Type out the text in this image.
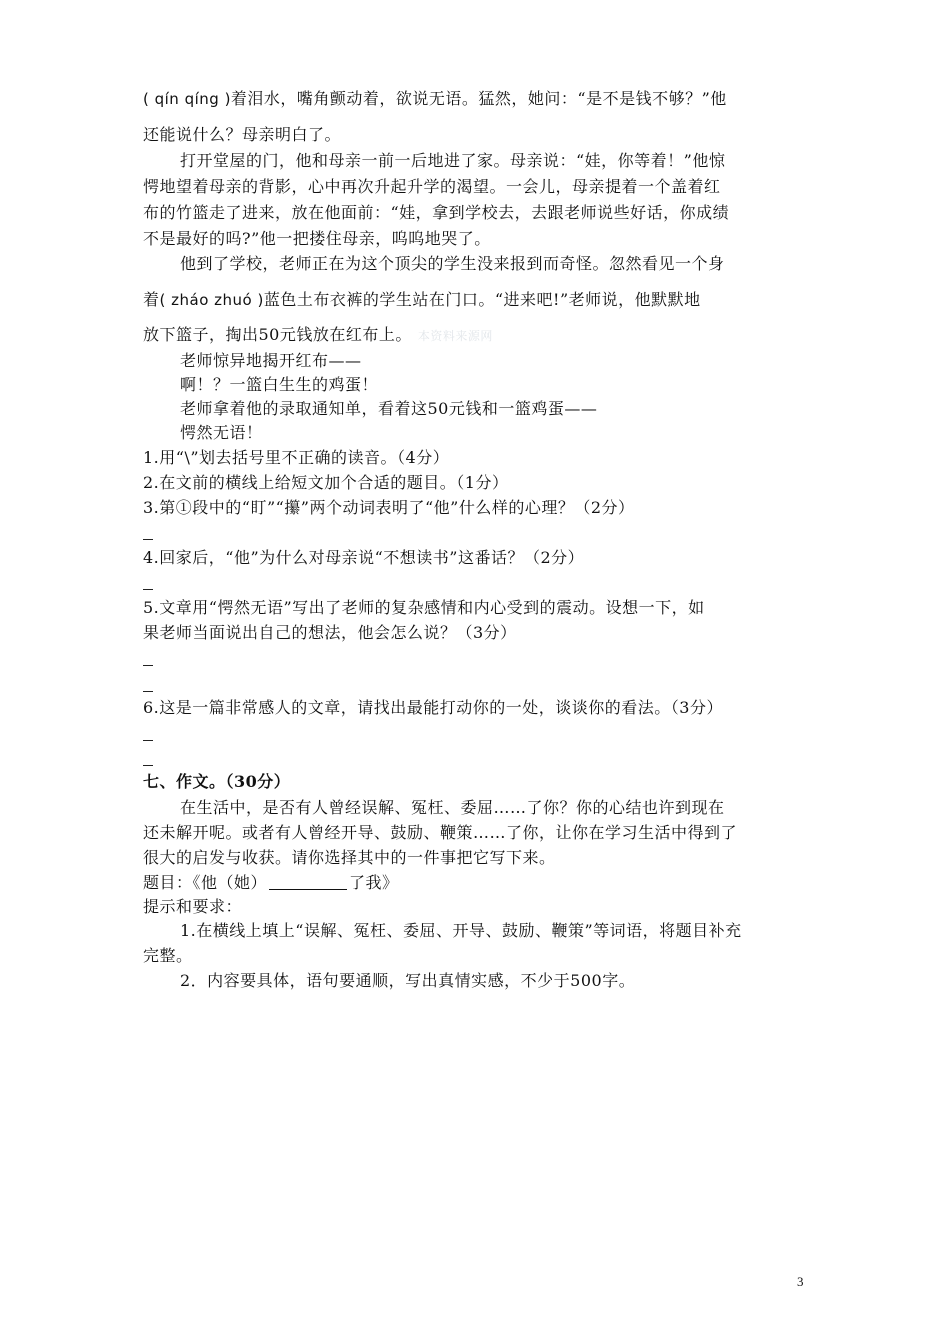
( qín qíng )着泪水，嘴角颤动着，欲说无语。猛然，她问：“是不是钱不够？”他
还能说什么？母亲明白了。
打开堂屋的门，他和母亲一前一后地进了家。母亲说：“娃，你等着！”他惊
愕地望着母亲的背影，心中再次升起升学的渴望。一会儿，母亲提着一个盖着红
布的竹篮走了进来，放在他面前：“娃，拿到学校去，去跟老师说些好话，你成绩
不是最好的吗?”他一把搂住母亲，呜呜地哭了。
他到了学校，老师正在为这个顶尖的学生没来报到而奇怪。忽然看见一个身
着( zháo zhuó )蓝色土布衣裤的学生站在门口。“进来吧!”老师说，他默默地
放下篮子，掏出50元钱放在红布上。 本资料来源网
老师惊异地揭开红布——
啊！？一篮白生生的鸡蛋！
老师拿着他的录取通知单，看着这50元钱和一篮鸡蛋——
愕然无语！
1.用“\”划去括号里不正确的读音。（4分）
2.在文前的横线上给短文加个合适的题目。（1分）
3.第①段中的“盯”“攥”两个动词表明了“他”什么样的心理？（2分）
4.回家后，“他”为什么对母亲说“不想读书”这番话？（2分）
5.文章用“愕然无语”写出了老师的复杂感情和内心受到的震动。设想一下，如
果老师当面说出自己的想法，他会怎么说？（3分）
6.这是一篇非常感人的文章，请找出最能打动你的一处，谈谈你的看法。（3分）
七、作文。（30分）
在生活中，是否有人曾经误解、冤枉、委屈……了你？你的心结也许到现在
还未解开呢。或者有人曾经开导、鼓励、鞭策……了你，让你在学习生活中得到了
很大的启发与收获。请你选择其中的一件事把它写下来。
题目：《他（她）	了我》
提示和要求：
1.在横线上填上“误解、冤枉、委屈、开导、鼓励、鞭策”等词语，将题目补充
完整。
2．内容要具体，语句要通顺，写出真情实感，不少于500字。
3
